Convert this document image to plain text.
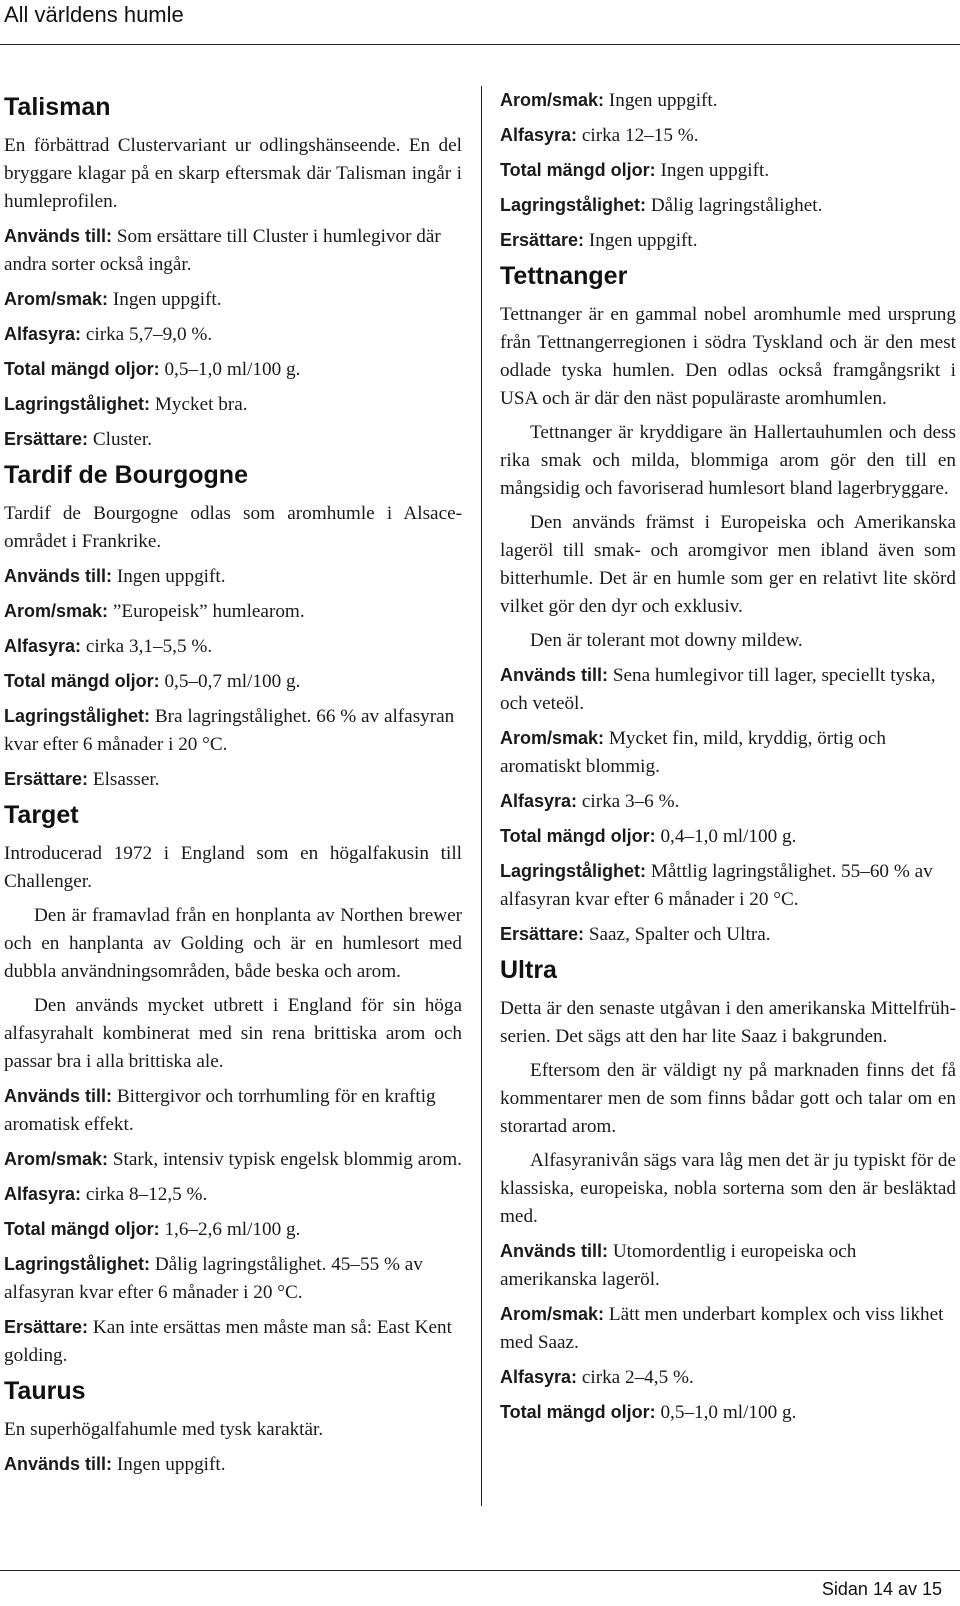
All världens humle
Talisman

En förbättrad Clustervariant ur odlingshänseende. En del bryggare klagar på en skarp eftersmak där Talisman ingår i humleprofilen.

Används till: Som ersättare till Cluster i humlegivor där andra sorter också ingår.

Arom/smak: Ingen uppgift.

Alfasyra: cirka 5,7–9,0 %.

Total mängd oljor: 0,5–1,0 ml/100 g.

Lagringstålighet: Mycket bra.

Ersättare: Cluster.

Tardif de Bourgogne

Tardif de Bourgogne odlas som aromhumle i Alsace-området i Frankrike.

Används till: Ingen uppgift.

Arom/smak: ”Europeisk” humlearom.

Alfasyra: cirka 3,1–5,5 %.

Total mängd oljor: 0,5–0,7 ml/100 g.

Lagringstålighet: Bra lagringstålighet. 66 % av alfasyran kvar efter 6 månader i 20 °C.

Ersättare: Elsasser.

Target

Introducerad 1972 i England som en högalfakusin till Challenger.

Den är framavlad från en honplanta av Northen brewer och en hanplanta av Golding och är en humlesort med dubbla användningsområden, både beska och arom.

Den används mycket utbrett i England för sin höga alfasyrahalt kombinerat med sin rena brittiska arom och passar bra i alla brittiska ale.

Används till: Bittergivor och torrhumling för en kraftig aromatisk effekt.

Arom/smak: Stark, intensiv typisk engelsk blommig arom.

Alfasyra: cirka 8–12,5 %.

Total mängd oljor: 1,6–2,6 ml/100 g.

Lagringstålighet: Dålig lagringstålighet. 45–55 % av alfasyran kvar efter 6 månader i 20 °C.

Ersättare: Kan inte ersättas men måste man så: East Kent golding.

Taurus

En superhögalfahumle med tysk karaktär.

Används till: Ingen uppgift.

Arom/smak: Ingen uppgift.

Alfasyra: cirka 12–15 %.

Total mängd oljor: Ingen uppgift.

Lagringstålighet: Dålig lagringstålighet.

Ersättare: Ingen uppgift.

Tettnanger

Tettnanger är en gammal nobel aromhumle med ursprung från Tettnangerregionen i södra Tyskland och är den mest odlade tyska humlen. Den odlas också framgångsrikt i USA och är där den näst populäraste aromhumlen.

Tettnanger är kryddigare än Hallertauhumlen och dess rika smak och milda, blommiga arom gör den till en mångsidig och favoriserad humlesort bland lagerbryggare.

Den används främst i Europeiska och Amerikanska lageröl till smak- och aromgivor men ibland även som bitterhumle. Det är en humle som ger en relativt lite skörd vilket gör den dyr och exklusiv.

Den är tolerant mot downy mildew.

Används till: Sena humlegivor till lager, speciellt tyska, och veteöl.

Arom/smak: Mycket fin, mild, kryddig, örtig och aromatiskt blommig.

Alfasyra: cirka 3–6 %.

Total mängd oljor: 0,4–1,0 ml/100 g.

Lagringstålighet: Måttlig lagringstålighet. 55–60 % av alfasyran kvar efter 6 månader i 20 °C.

Ersättare: Saaz, Spalter och Ultra.

Ultra

Detta är den senaste utgåvan i den amerikanska Mittelfrüh-serien. Det sägs att den har lite Saaz i bakgrunden.

Eftersom den är väldigt ny på marknaden finns det få kommentarer men de som finns bådar gott och talar om en storartad arom.

Alfasyranivån sägs vara låg men det är ju typiskt för de klassiska, europeiska, nobla sorterna som den är besläktad med.

Används till: Utomordentlig i europeiska och amerikanska lageröl.

Arom/smak: Lätt men underbart komplex och viss likhet med Saaz.

Alfasyra: cirka 2–4,5 %.

Total mängd oljor: 0,5–1,0 ml/100 g.

Sidan 14 av 15
